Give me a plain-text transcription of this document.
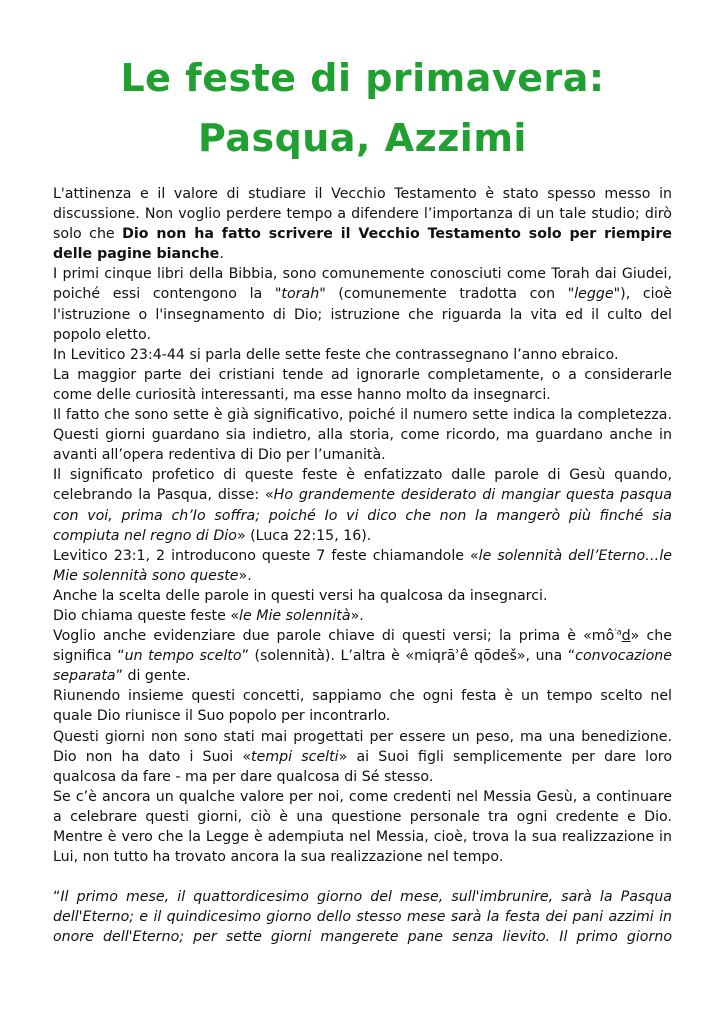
Le feste di primavera:
Pasqua, Azzimi

L'attinenza e il valore di studiare il Vecchio Testamento è stato spesso messo in discussione. Non voglio perdere tempo a difendere l’importanza di un tale studio; dirò solo che Dio non ha fatto scrivere il Vecchio Testamento solo per riempire delle pagine bianche.

I primi cinque libri della Bibbia, sono comunemente conosciuti come Torah dai Giudei, poiché essi contengono la "torah" (comunemente tradotta con "legge"), cioè l'istruzione o l'insegnamento di Dio; istruzione che riguarda la vita ed il culto del popolo eletto.

In Levitico 23:4-44 si parla delle sette feste che contrassegnano l’anno ebraico.

La maggior parte dei cristiani tende ad ignorarle completamente, o a considerarle come delle curiosità interessanti, ma esse hanno molto da insegnarci.

Il fatto che sono sette è già significativo, poiché il numero sette indica la completezza. Questi giorni guardano sia indietro, alla storia, come ricordo, ma guardano anche in avanti all’opera redentiva di Dio per l’umanità.

Il significato profetico di queste feste è enfatizzato dalle parole di Gesù quando, celebrando la Pasqua, disse: «Ho grandemente desiderato di mangiar questa pasqua con voi, prima ch’Io soffra; poiché Io vi dico che non la mangerò più finché sia compiuta nel regno di Dio» (Luca 22:15, 16).

Levitico 23:1, 2 introducono queste 7 feste chiamandole «le solennità dell’Eterno…le Mie solennità sono queste».

Anche la scelta delle parole in questi versi ha qualcosa da insegnarci.

Dio chiama queste feste «le Mie solennità».

Voglio anche evidenziare due parole chiave di questi versi; la prima è «$mô^{ʿa}d$» che significa “un tempo scelto” (solennità). L’altra è «miqrāʾê qōdeš», una “convocazione separata” di gente.

Riunendo insieme questi concetti, sappiamo che ogni festa è un tempo scelto nel quale Dio riunisce il Suo popolo per incontrarlo.

Questi giorni non sono stati mai progettati per essere un peso, ma una benedizione. Dio non ha dato i Suoi «tempi scelti» ai Suoi figli semplicemente per dare loro qualcosa da fare - ma per dare qualcosa di Sé stesso.

Se c’è ancora un qualche valore per noi, come credenti nel Messia Gesù, a continuare a celebrare questi giorni, ciò è una questione personale tra ogni credente e Dio. Mentre è vero che la Legge è adempiuta nel Messia, cioè, trova la sua realizzazione in Lui, non tutto ha trovato ancora la sua realizzazione nel tempo.

“Il primo mese, il quattordicesimo giorno del mese, sull'imbrunire, sarà la Pasqua dell'Eterno; e il quindicesimo giorno dello stesso mese sarà la festa dei pani azzimi in onore dell'Eterno; per sette giorni mangerete pane senza lievito. Il primo giorno
